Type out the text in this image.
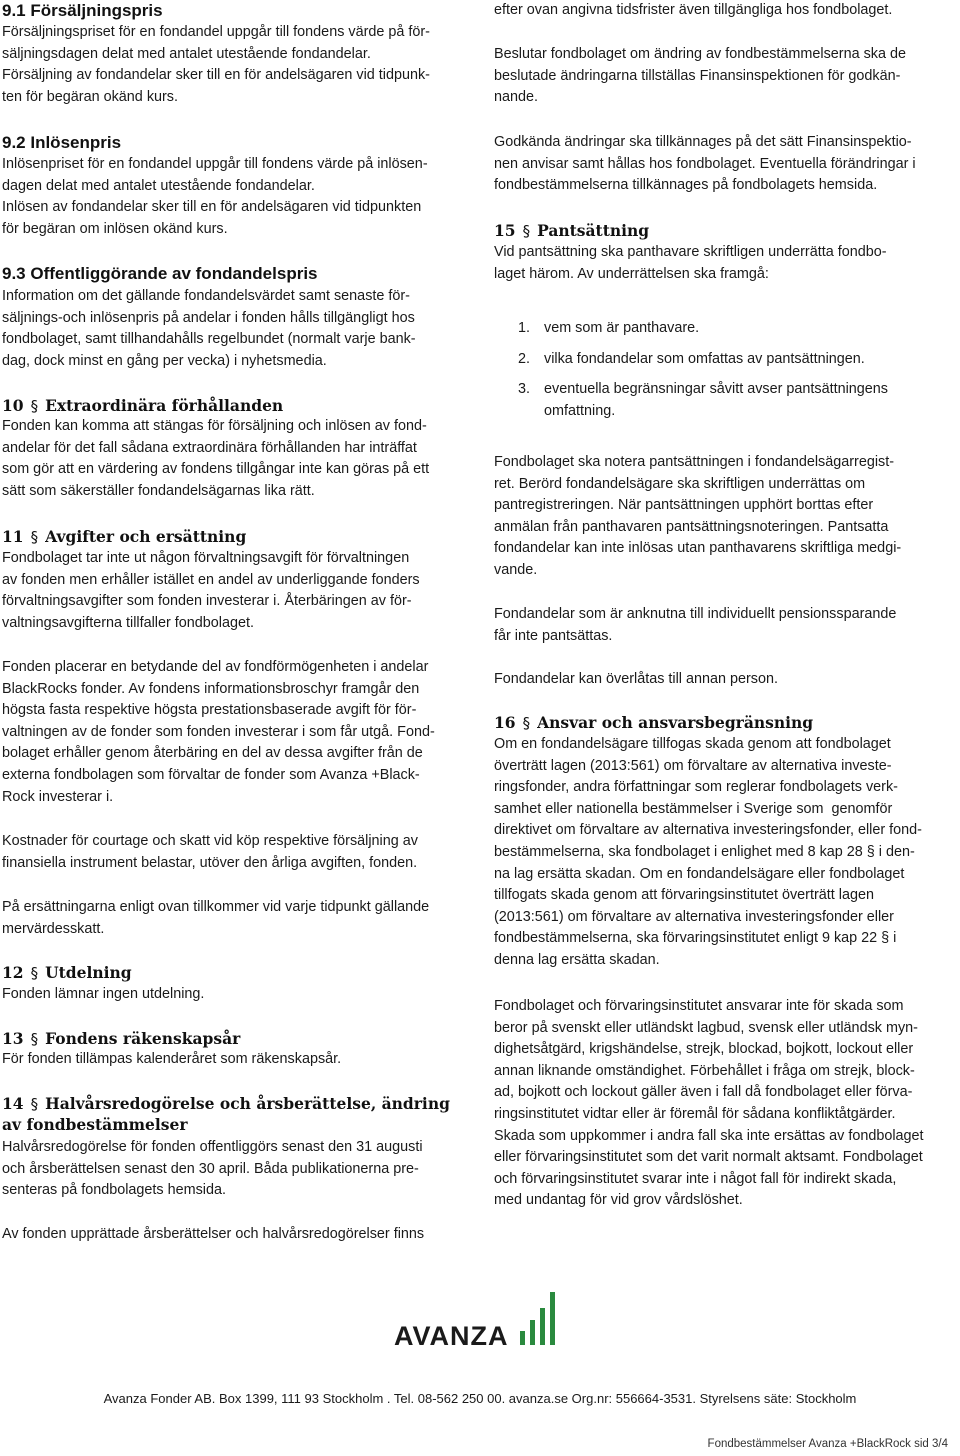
9.1 Försäljningspris

Försäljningspriset för en fondandel uppgår till fondens värde på för-
säljningsdagen delat med antalet utestående fondandelar.
Försäljning av fondandelar sker till en för andelsägaren vid tidpunk-
ten för begäran okänd kurs.

9.2 Inlösenpris

Inlösenpriset för en fondandel uppgår till fondens värde på inlösen-
dagen delat med antalet utestående fondandelar.
Inlösen av fondandelar sker till en för andelsägaren vid tidpunkten
för begäran om inlösen okänd kurs.

9.3 Offentliggörande av fondandelspris

Information om det gällande fondandelsvärdet samt senaste för-
säljnings-och inlösenpris på andelar i fonden hålls tillgängligt hos
fondbolaget, samt tillhandahålls regelbundet (normalt varje bank-
dag, dock minst en gång per vecka) i nyhetsmedia.

10 § Extraordinära förhållanden

Fonden kan komma att stängas för försäljning och inlösen av fond-
andelar för det fall sådana extraordinära förhållanden har inträffat
som gör att en värdering av fondens tillgångar inte kan göras på ett
sätt som säkerställer fondandelsägarnas lika rätt.

11 § Avgifter och ersättning

Fondbolaget tar inte ut någon förvaltningsavgift för förvaltningen
av fonden men erhåller istället en andel av underliggande fonders
förvaltningsavgifter som fonden investerar i. Återbäringen av för-
valtningsavgifterna tillfaller fondbolaget.

Fonden placerar en betydande del av fondförmögenheten i andelar
BlackRocks fonder. Av fondens informationsbroschyr framgår den
högsta fasta respektive högsta prestationsbaserade avgift för för-
valtningen av de fonder som fonden investerar i som får utgå. Fond-
bolaget erhåller genom återbäring en del av dessa avgifter från de
externa fondbolagen som förvaltar de fonder som Avanza +Black-
Rock investerar i.

Kostnader för courtage och skatt vid köp respektive försäljning av
finansiella instrument belastar, utöver den årliga avgiften, fonden.

På ersättningarna enligt ovan tillkommer vid varje tidpunkt gällande
mervärdesskatt.

12 § Utdelning

Fonden lämnar ingen utdelning.

13 § Fondens räkenskapsår

För fonden tillämpas kalenderåret som räkenskapsår.

14 § Halvårsredogörelse och årsberättelse, ändring
av fondbestämmelser

Halvårsredogörelse för fonden offentliggörs senast den 31 augusti
och årsberättelsen senast den 30 april. Båda publikationerna pre-
senteras på fondbolagets hemsida.

Av fonden upprättade årsberättelser och halvårsredogörelser finns

efter ovan angivna tidsfrister även tillgängliga hos fondbolaget.

Beslutar fondbolaget om ändring av fondbestämmelserna ska de
beslutade ändringarna tillställas Finansinspektionen för godkän-
nande.

Godkända ändringar ska tillkännages på det sätt Finansinspektio-
nen anvisar samt hållas hos fondbolaget. Eventuella förändringar i
fondbestämmelserna tillkännages på fondbolagets hemsida.

15 § Pantsättning

Vid pantsättning ska panthavare skriftligen underrätta fondbo-
laget härom. Av underrättelsen ska framgå:

1. vem som är panthavare.
2. vilka fondandelar som omfattas av pantsättningen.
3. eventuella begränsningar såvitt avser pantsättningens
omfattning.

Fondbolaget ska notera pantsättningen i fondandelsägarregist-
ret. Berörd fondandelsägare ska skriftligen underrättas om
pantregistreringen. När pantsättningen upphört borttas efter
anmälan från panthavaren pantsättningsnoteringen. Pantsatta
fondandelar kan inte inlösas utan panthavarens skriftliga medgi-
vande.

Fondandelar som är anknutna till individuellt pensionssparande
får inte pantsättas.

Fondandelar kan överlåtas till annan person.

16 § Ansvar och ansvarsbegränsning

Om en fondandelsägare tillfogas skada genom att fondbolaget
överträtt lagen (2013:561) om förvaltare av alternativa investe-
ringsfonder, andra författningar som reglerar fondbolagets verk-
samhet eller nationella bestämmelser i Sverige som  genomför
direktivet om förvaltare av alternativa investeringsfonder, eller fond-
bestämmelserna, ska fondbolaget i enlighet med 8 kap 28 § i den-
na lag ersätta skadan. Om en fondandelsägare eller fondbolaget
tillfogats skada genom att förvaringsinstitutet överträtt lagen
(2013:561) om förvaltare av alternativa investeringsfonder eller
fondbestämmelserna, ska förvaringsinstitutet enligt 9 kap 22 § i
denna lag ersätta skadan.

Fondbolaget och förvaringsinstitutet ansvarar inte för skada som
beror på svenskt eller utländskt lagbud, svensk eller utländsk myn-
dighetsåtgärd, krigshändelse, strejk, blockad, bojkott, lockout eller
annan liknande omständighet. Förbehållet i fråga om strejk, block-
ad, bojkott och lockout gäller även i fall då fondbolaget eller förva-
ringsinstitutet vidtar eller är föremål för sådana konfliktåtgärder.
Skada som uppkommer i andra fall ska inte ersättas av fondbolaget
eller förvaringsinstitutet som det varit normalt aktsamt. Fondbolaget
och förvaringsinstitutet svarar inte i något fall för indirekt skada,
med undantag för vid grov vårdslöshet.

AVANZA
Avanza Fonder AB. Box 1399, 111 93 Stockholm . Tel. 08-562 250 00. avanza.se Org.nr: 556664-3531. Styrelsens säte: Stockholm
Fondbestämmelser Avanza +BlackRock sid 3/4
